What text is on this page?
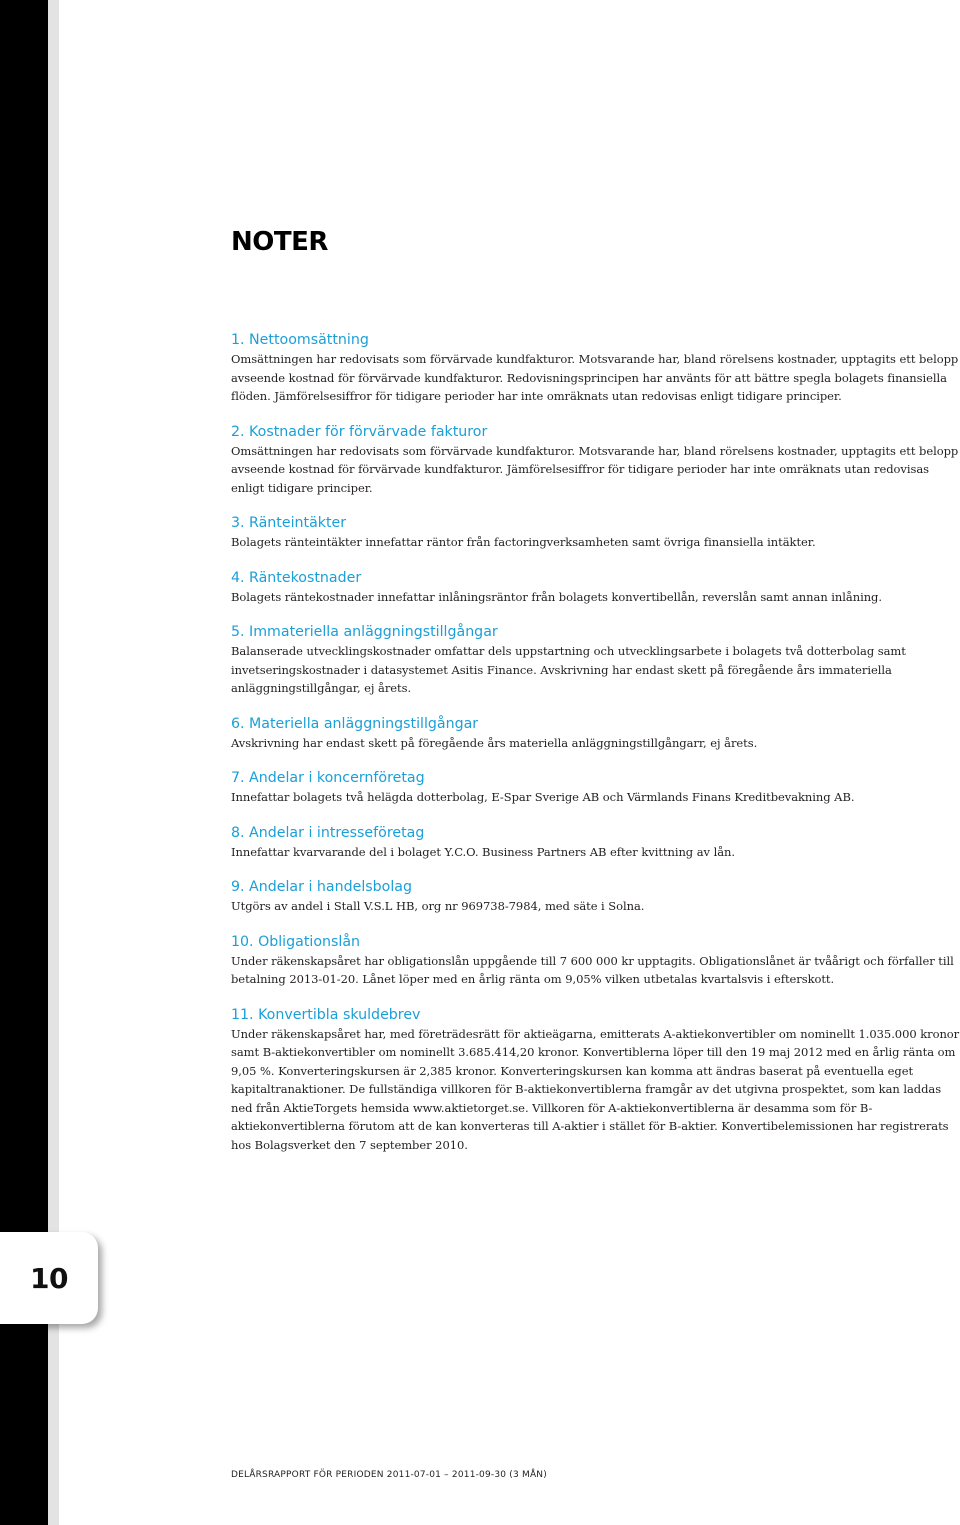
10
NOTER

1. Nettoomsättning

Omsättningen har redovisats som förvärvade kundfakturor. Motsvarande har, bland rörelsens kostnader, upptagits ett belopp avseende kostnad för förvärvade kundfakturor. Redovisningsprincipen har använts för att bättre spegla bolagets finansiella flöden. Jämförelsesiffror för tidigare perioder har inte omräknats utan redovisas enligt tidigare principer.

2. Kostnader för förvärvade fakturor

Omsättningen har redovisats som förvärvade kundfakturor. Motsvarande har, bland rörelsens kostnader, upptagits ett belopp avseende kostnad för förvärvade kundfakturor. Jämförelsesiffror för tidigare perioder har inte omräknats utan redovisas enligt tidigare principer.

3. Ränteintäkter

Bolagets ränteintäkter innefattar räntor från factoringverksamheten samt övriga finansiella intäkter.

4. Räntekostnader

Bolagets räntekostnader innefattar inlåningsräntor från bolagets konvertibellån, reverslån samt annan inlåning.

5. Immateriella anläggningstillgångar

Balanserade utvecklingskostnader omfattar dels uppstartning och utvecklingsarbete i bolagets två dotterbolag samt invetseringskostnader i datasystemet Asitis Finance. Avskrivning har endast skett på föregående års immateriella anläggningstillgångar, ej årets.

6. Materiella anläggningstillgångar

Avskrivning har endast skett på föregående års materiella anläggningstillgångarr, ej årets.

7. Andelar i koncernföretag

Innefattar bolagets två helägda dotterbolag, E-Spar Sverige AB och Värmlands Finans Kreditbevakning AB.

8. Andelar i intresseföretag

Innefattar kvarvarande del i bolaget Y.C.O. Business Partners AB efter kvittning av lån.

9. Andelar i handelsbolag

Utgörs av andel i Stall V.S.L HB, org nr 969738-7984, med säte i Solna.

10. Obligationslån

Under räkenskapsåret har obligationslån uppgående till 7 600 000 kr upptagits. Obligationslånet är tvåårigt och förfaller till betalning 2013-01-20. Lånet löper med en årlig ränta om 9,05% vilken utbetalas kvartalsvis i efterskott.

11. Konvertibla skuldebrev

Under räkenskapsåret har, med företrädesrätt för aktieägarna, emitterats A-aktiekonvertibler om nominellt 1.035.000 kronor samt B-aktiekonvertibler om nominellt 3.685.414,20 kronor. Konvertiblerna löper till den 19 maj 2012 med en årlig ränta om 9,05 %. Konverteringskursen är 2,385 kronor. Konverteringskursen kan komma att ändras baserat på eventuella eget kapitaltranaktioner. De fullständiga villkoren för B-aktiekonvertiblerna framgår av det utgivna prospektet, som kan laddas ned från AktieTorgets hemsida www.aktietorget.se. Villkoren för A-aktiekonvertiblerna är desamma som för B-aktiekonvertiblerna förutom att de kan konverteras till A-aktier i stället för B-aktier. Konvertibelemissionen har registrerats hos Bolagsverket den 7 september 2010.

DELÅRSRAPPORT FÖR PERIODEN 2011-07-01 – 2011-09-30 (3 MÅN)
